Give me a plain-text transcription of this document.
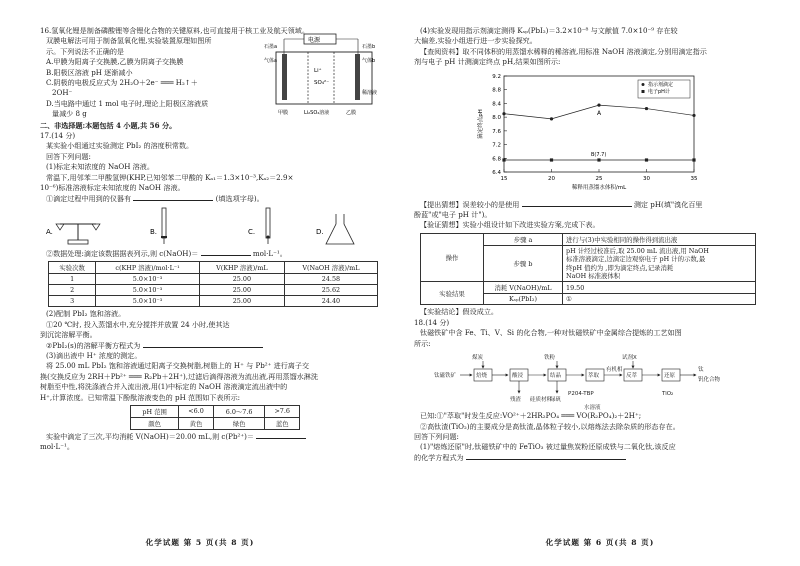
16.氢氧化锂是制备磷酸锂等含锂化合物的关键原料,也可直接用于核工业及航天领域。
双膜电解法可用于制备氢氧化锂,实验装置原理如图所
示。下列说法不正确的是
A.甲膜为阳离子交换膜,乙膜为阴离子交换膜
B.阳极区溶液 pH 逐渐减小
C.阴极的电极反应式为 2H₂O＋2e⁻ ═══ H₂↑＋
2OH⁻
D.当电路中通过 1 mol 电子时,理论上阳极区溶液质
量减少 8 g
电源
Li⁺
SO₄²⁻
气体a	气体b
稀溶液
甲膜	Li₂SO₄溶液	乙膜
石墨a	石墨b
二、非选择题:本题包括 4 小题,共 56 分。
17.(14 分)
某实验小组通过实验测定 PbI₂ 的溶度积常数。
回答下列问题:
(1)标定未知浓度的 NaOH 溶液。
常温下,用邻苯二甲酸氢钾(KHP,已知邻苯二甲酸的 Kₐ₁＝1.3×10⁻³,Kₐ₂＝2.9×
10⁻⁶)标准溶液标定未知浓度的 NaOH 溶液。
①滴定过程中用到的仪器有	(填选项字母)。
A.	B.	C.	D.
②数据处理:滴定该数据据表列示,则 c(NaOH)＝	mol·L⁻¹。
实验次数	c(KHP 溶液)/mol·L⁻¹	V(KHP 溶液)/mL	V(NaOH 溶液)/mL
1	5.0×10⁻³	25.00	24.58
2	5.0×10⁻³	25.00	25.62
3	5.0×10⁻³	25.00	24.40
(2)配制 PbI₂ 饱和溶液。
①20 ℃时, 投入蒸馏水中,充分搅拌并放置 24 小时,使其达
到沉淀溶解平衡。
②PbI₂(s)的溶解平衡方程式为
(3)滴出液中 H⁺ 浓度的测定。
将 25.00 mL PbI₂ 饱和溶液通过阳离子交换树脂,树脂上的 H⁺ 与 Pb²⁺ 进行离子交
换(交换反应为 2RH＋Pb²⁺ ═══ R₂Pb＋2H⁺),过滤后滴得溶液为流出液,再用蒸馏水淋洗
树脂至中性,将洗涤液合并入流出液,用(1)中标定的 NaOH 溶液滴定流出液中的
H⁺,计算浓度。已知常温下酚酞溶液变色的 pH 范围如下表所示:
pH 范围	<6.0	6.0～7.6	>7.6
颜色	黄色	绿色	蓝色
实验中滴定了三次,平均消耗 V(NaOH)＝20.00 mL,则 c(Pb²⁺)＝
mol·L⁻¹。
化学试题 第 5 页(共 8 页)
(4)实验发现用指示剂滴定测得 Kₛₚ(PbI₂)＝3.2×10⁻⁸ 与文献值 7.0×10⁻⁹ 存在较
大偏差,实验小组进行进一步实验探究。
【查阅资料】取不同体积的用蒸馏水稀释的稀溶液,用标准 NaOH 溶液滴定,分别用滴定指示
剂与电子 pH 计测滴定终点 pH,结果如图所示:
6.4
6.8
7.2
7.6
8.0
8.4
8.8
9.2
15	20	25	30	35
滴定终点pH
稀释用蒸馏水体积/mL
指示剂滴定
电子pH计
A
B(7.7)
【提出猜想】误差较小的是使用	测定 pH(填"溴化百里
酚蓝"或"电子 pH 计")。
【验证猜想】实验小组设计如下改进实验方案,完成下表。
操作	步骤 a	进行与(3)中实验相同的操作得到流出液
	步骤 b	pH 计经过校准后,取 25.00 mL 流出液,用 NaOH
标准溶液滴定,边滴定边观察电子 pH 计的示数,最
终pH 值约为 ,即为滴定终点,记录消耗
NaOH 标准液体积

实验结果	消耗 V(NaOH)/mL	19.50
	Kₛₚ(PbI₂)	①
【实验结论】假设成立。
18.(14 分)
钛磁铁矿中含 Fe、Ti、V、Si 的化合物,一种对钛磁铁矿中金属综合提炼的工艺如图
所示:
钛磁铁矿	焙烧
煤炭
酸浸
残渣 硅质材料
结晶
铁粉
绿矾
萃取
P204-TBP
水溶液
有机相
反萃
试剂X
还原
钛
钒化合物
TiO₂
已知:①"萃取"时发生反应:VO²⁺＋2HR₂PO₄ ═══ VO(R₂PO₄)₂＋2H⁺;
②高钛渣(TiO₂)的主要成分是高钛渣,晶体粒子较小,以熔炼法去除杂质的形态存在。
回答下列问题:
(1)"熔炼还原"时,钛磁铁矿中的 FeTiO₃ 被过量焦炭粉还原成铁与二氧化钛,该反应
的化学方程式为
化学试题 第 6 页(共 8 页)
